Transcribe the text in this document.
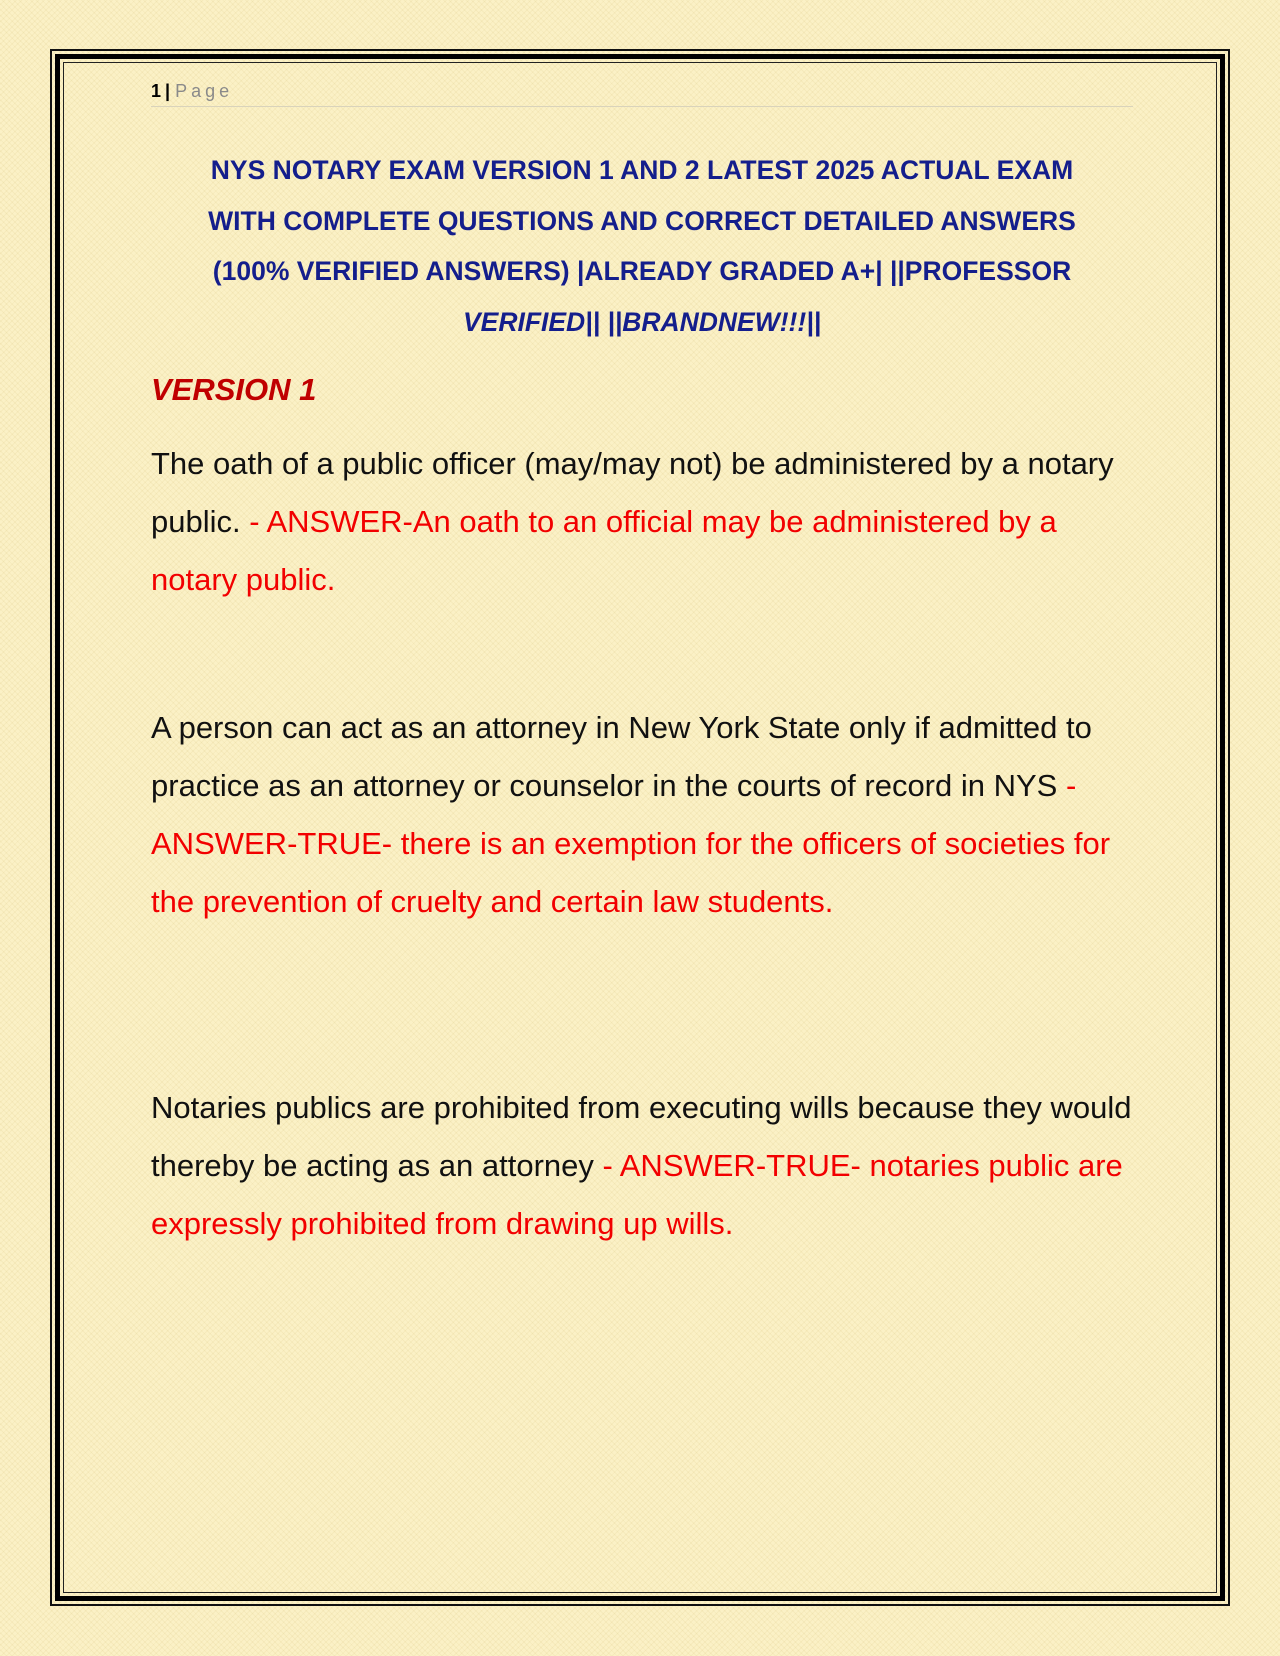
1 | Page
NYS NOTARY EXAM VERSION 1 AND 2 LATEST 2025 ACTUAL EXAM
WITH COMPLETE QUESTIONS AND CORRECT DETAILED ANSWERS
(100% VERIFIED ANSWERS) |ALREADY GRADED A+| ||PROFESSOR
VERIFIED|| ||BRANDNEW!!!||
VERSION 1

The oath of a public officer (may/may not) be administered by a notary public. - ANSWER-An oath to an official may be administered by a notary public.

A person can act as an attorney in New York State only if admitted to practice as an attorney or counselor in the courts of record in NYS - ANSWER-TRUE- there is an exemption for the officers of societies for the prevention of cruelty and certain law students.

Notaries publics are prohibited from executing wills because they would thereby be acting as an attorney - ANSWER-TRUE- notaries public are expressly prohibited from drawing up wills.
